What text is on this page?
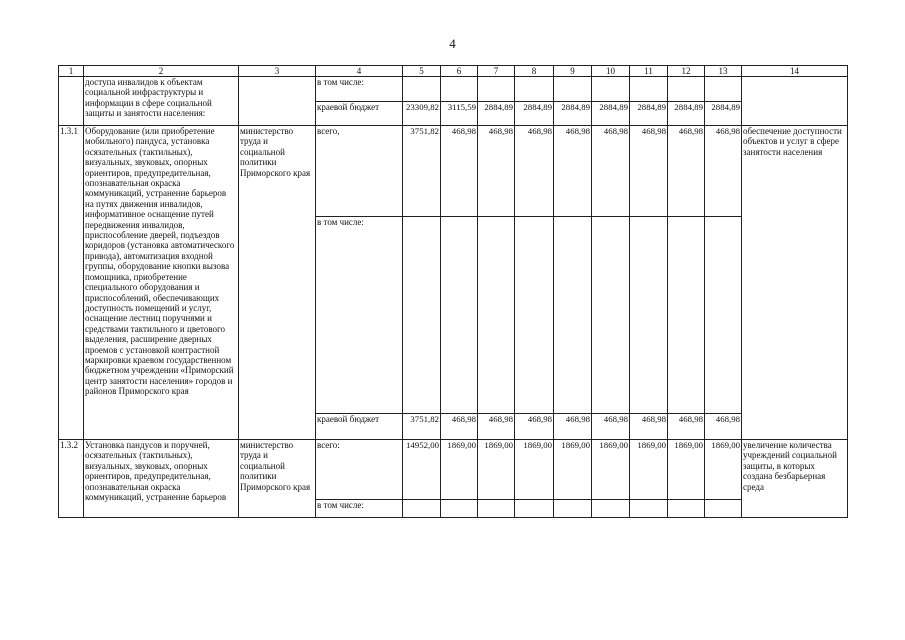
4
1	2	3	4	5	6	7	8	9	10	11	12	13	14
	доступа инвалидов к объектам социальной инфраструктуры и информации в сфере социальной защиты и занятости населения:		в том числе:										
			краевой бюджет	23309,82	3115,59	2884,89	2884,89	2884,89	2884,89	2884,89	2884,89	2884,89	
1.3.1	Оборудование (или приобретение мобильного) пандуса, установка осязательных (тактильных), визуальных, звуковых, опорных ориентиров, предупредительная, опознавательная окраска коммуникаций, устранение барьеров на путях движения инвалидов, информативное оснащение путей передвижения инвалидов, приспособление дверей, подъездов коридоров (установка автоматического привода), автоматизация входной группы, оборудование кнопки вызова помощника, приобретение специального оборудования и приспособлений, обеспечивающих доступность помещений и услуг, оснащение лестниц поручнями и средствами тактильного и цветового выделения, расширение дверных проемов с установкой контрастной маркировки краевом государственном бюджетном учреждении «Приморский центр занятости населения» городов и районов Приморского края	министерство труда и социальной политики Приморского края	всего,	3751,82	468,98	468,98	468,98	468,98	468,98	468,98	468,98	468,98	обеспечение доступности объектов и услуг в сфере занятости населения
			в том числе:										
			краевой бюджет	3751,82	468,98	468,98	468,98	468,98	468,98	468,98	468,98	468,98	
1.3.2	Установка пандусов и поручней, осязательных (тактильных), визуальных, звуковых, опорных ориентиров, предупредительная, опознавательная окраска коммуникаций, устранение барьеров	министерство труда и социальной политики Приморского края	всего:	14952,00	1869,00	1869,00	1869,00	1869,00	1869,00	1869,00	1869,00	1869,00	увеличение количества учреждений социальной защиты, в которых создана безбарьерная среда
			в том числе:										
